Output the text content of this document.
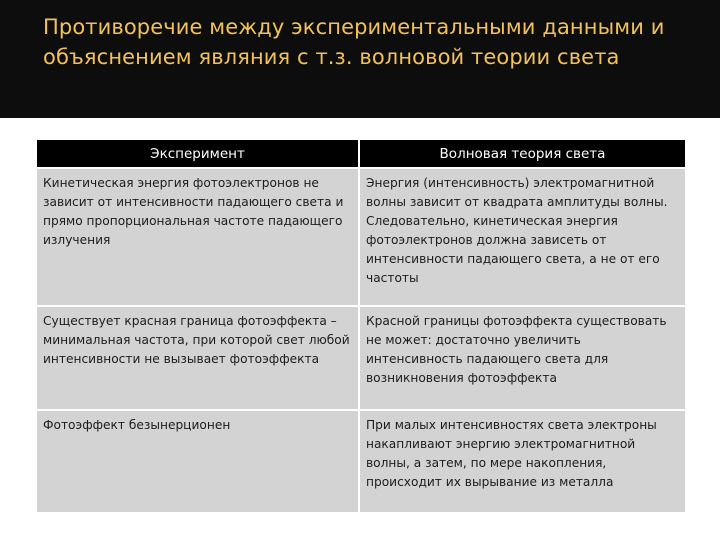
Противоречие между экспериментальными данными и объяснением являния с т.з. волновой теории света
Эксперимент	Волновая теория света
Кинетическая энергия фотоэлектронов не зависит от интенсивности падающего света и прямо пропорциональная частоте падающего излучения	Энергия (интенсивность) электромагнитной волны зависит от квадрата амплитуды волны. Следовательно, кинетическая энергия фотоэлектронов должна зависеть от интенсивности падающего света, а не от его частоты
Существует красная граница фотоэффекта – минимальная частота, при которой свет любой интенсивности не вызывает фотоэффекта	Красной границы фотоэффекта существовать не может: достаточно увеличить интенсивность падающего света для возникновения фотоэффекта
Фотоэффект безынерционен	При малых интенсивностях света электроны накапливают энергию электромагнитной волны, а затем, по мере накопления, происходит их вырывание из металла
